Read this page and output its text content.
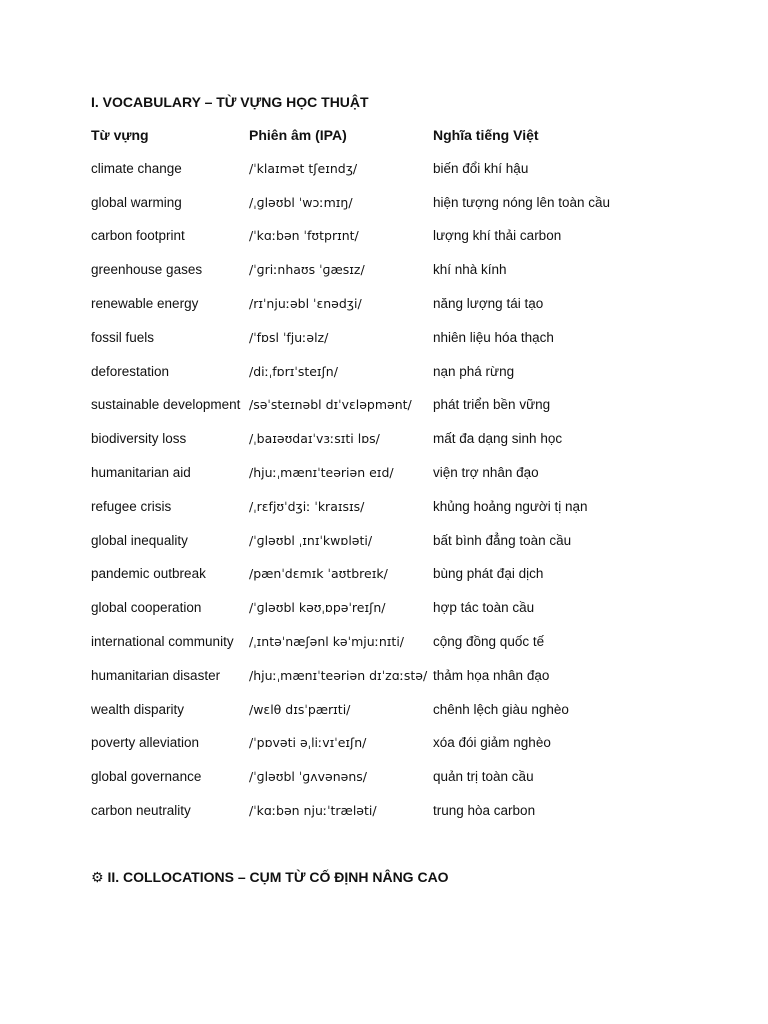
I. VOCABULARY – TỪ VỰNG HỌC THUẬT
Từ vựng	Phiên âm (IPA)	Nghĩa tiếng Việt
climate change	/ˈklaɪmət tʃeɪndʒ/	biến đổi khí hậu
global warming	/ˌɡləʊbl ˈwɔːmɪŋ/	hiện tượng nóng lên toàn cầu
carbon footprint	/ˈkɑːbən ˈfʊtprɪnt/	lượng khí thải carbon
greenhouse gases	/ˈɡriːnhaʊs ˈɡæsɪz/	khí nhà kính
renewable energy	/rɪˈnjuːəbl ˈɛnədʒi/	năng lượng tái tạo
fossil fuels	/ˈfɒsl ˈfjuːəlz/	nhiên liệu hóa thạch
deforestation	/diːˌfɒrɪˈsteɪʃn/	nạn phá rừng
sustainable development /səˈsteɪnəbl dɪˈvɛləpmənt/ phát triển bền vững
biodiversity loss	/ˌbaɪəʊdaɪˈvɜːsɪti lɒs/	mất đa dạng sinh học
humanitarian aid	/hjuːˌmænɪˈteəriən eɪd/	viện trợ nhân đạo
refugee crisis	/ˌrɛfjʊˈdʒiː ˈkraɪsɪs/	khủng hoảng người tị nạn
global inequality	/ˈɡləʊbl ˌɪnɪˈkwɒləti/	bất bình đẳng toàn cầu
pandemic outbreak	/pænˈdɛmɪk ˈaʊtbreɪk/	bùng phát đại dịch
global cooperation	/ˈɡləʊbl kəʊˌɒpəˈreɪʃn/	hợp tác toàn cầu
international community /ˌɪntəˈnæʃənl kəˈmjuːnɪti/ cộng đồng quốc tế
humanitarian disaster /hjuːˌmænɪˈteəriən dɪˈzɑːstə/ thảm họa nhân đạo
wealth disparity	/wɛlθ dɪsˈpærɪti/	chênh lệch giàu nghèo
poverty alleviation	/ˈpɒvəti əˌliːvɪˈeɪʃn/	xóa đói giảm nghèo
global governance	/ˈɡləʊbl ˈɡʌvənəns/	quản trị toàn cầu
carbon neutrality	/ˈkɑːbən njuːˈtræləti/	trung hòa carbon
⚙ II. COLLOCATIONS – CỤM TỪ CỐ ĐỊNH NÂNG CAO
